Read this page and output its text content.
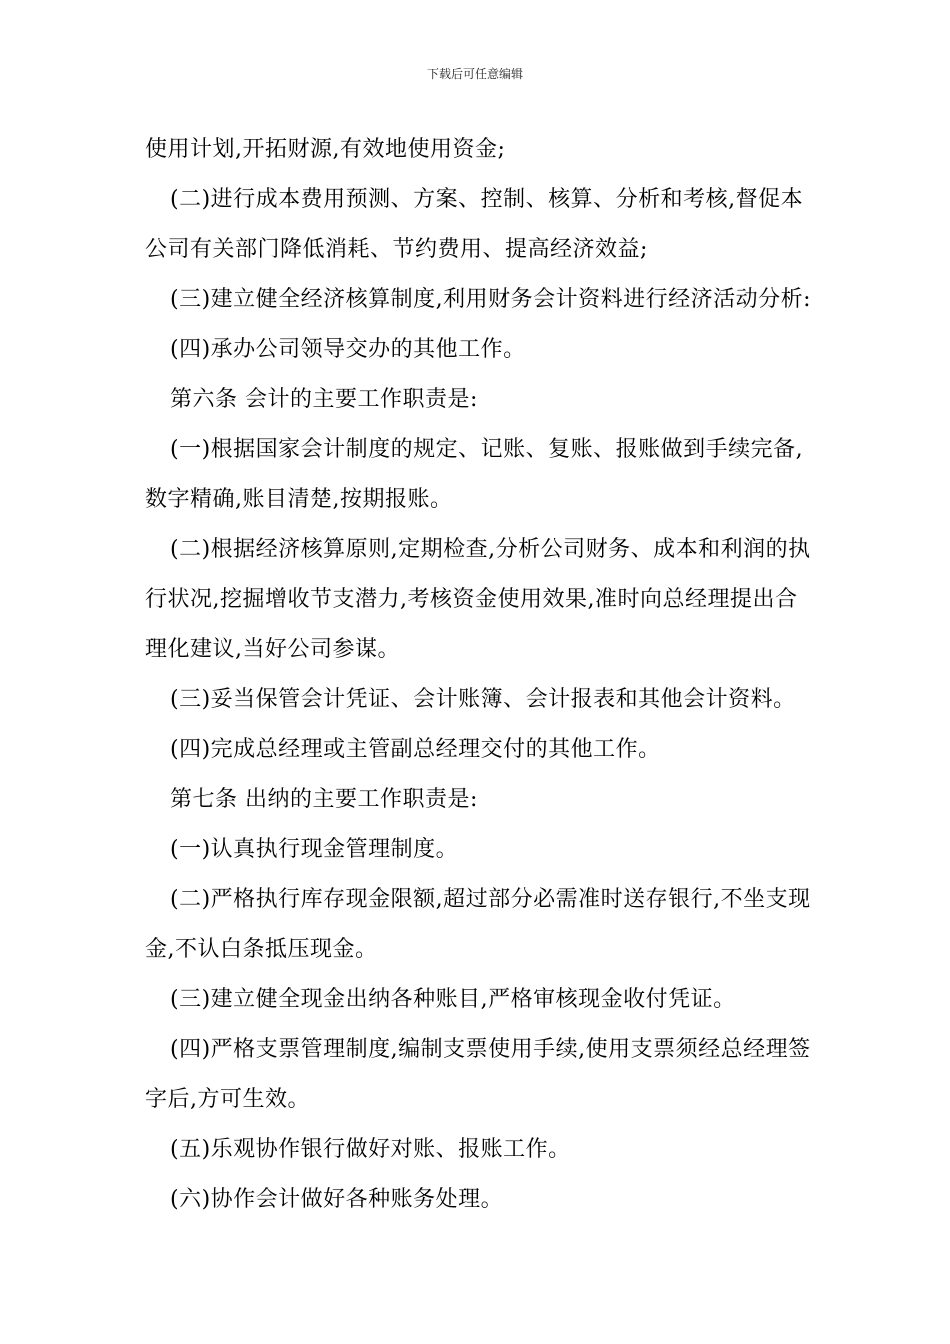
下载后可任意编辑

使用计划,开拓财源,有效地使用资金;

(二)进行成本费用预测、方案、控制、核算、分析和考核,督促本

公司有关部门降低消耗、节约费用、提高经济效益;

(三)建立健全经济核算制度,利用财务会计资料进行经济活动分析:

(四)承办公司领导交办的其他工作。

第六条 会计的主要工作职责是:

(一)根据国家会计制度的规定、记账、复账、报账做到手续完备,

数字精确,账目清楚,按期报账。

(二)根据经济核算原则,定期检查,分析公司财务、成本和利润的执

行状况,挖掘增收节支潜力,考核资金使用效果,准时向总经理提出合

理化建议,当好公司参谋。

(三)妥当保管会计凭证、会计账簿、会计报表和其他会计资料。

(四)完成总经理或主管副总经理交付的其他工作。

第七条 出纳的主要工作职责是:

(一)认真执行现金管理制度。

(二)严格执行库存现金限额,超过部分必需准时送存银行,不坐支现

金,不认白条抵压现金。

(三)建立健全现金出纳各种账目,严格审核现金收付凭证。

(四)严格支票管理制度,编制支票使用手续,使用支票须经总经理签

字后,方可生效。

(五)乐观协作银行做好对账、报账工作。

(六)协作会计做好各种账务处理。
